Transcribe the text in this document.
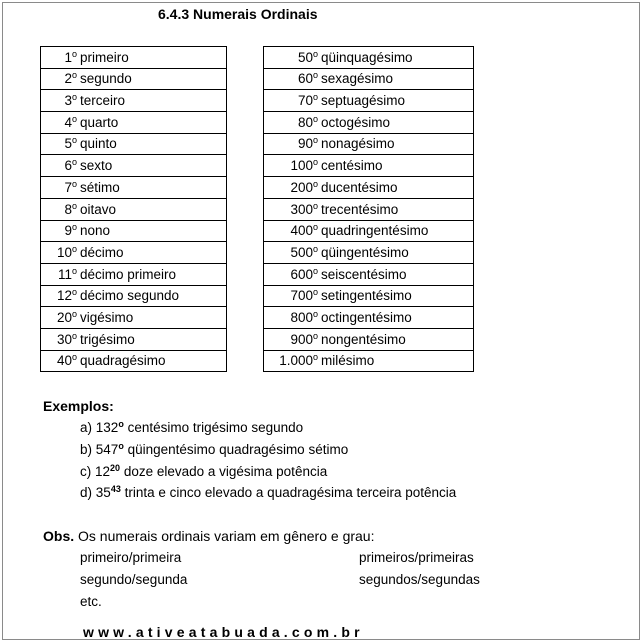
6.4.3 Numerais Ordinais
1$^o$ primeiro
2$^o$ segundo
3$^o$ terceiro
4$^o$ quarto
5$^o$ quinto
6$^o$ sexto
7$^o$ sétimo
8$^o$ oitavo
9$^o$ nono
10$^o$ décimo
11$^o$ décimo primeiro
12$^o$ décimo segundo
20$^o$ vigésimo
30$^o$ trigésimo
40$^o$ quadragésimo
50$^o$ qüinquagésimo
60$^o$ sexagésimo
70$^o$ septuagésimo
80$^o$ octogésimo
90$^o$ nonagésimo
100$^o$ centésimo
200$^o$ ducentésimo
300$^o$ trecentésimo
400$^o$ quadringentésimo
500$^o$ qüingentésimo
600$^o$ seiscentésimo
700$^o$ setingentésimo
800$^o$ octingentésimo
900$^o$ nongentésimo
1.000$^o$ milésimo
Exemplos:
a) 132$^o$ centésimo trigésimo segundo
b) 547$^o$ qüingentésimo quadragésimo sétimo
c) $12^{20}$ doze elevado a vigésima potência
d) $35^{43}$ trinta e cinco elevado a quadragésima terceira potência
Obs. Os numerais ordinais variam em gênero e grau:
primeiro/primeira
segundo/segunda
etc.
primeiros/primeiras
segundos/segundas
www.ativeatabuada.com.br
